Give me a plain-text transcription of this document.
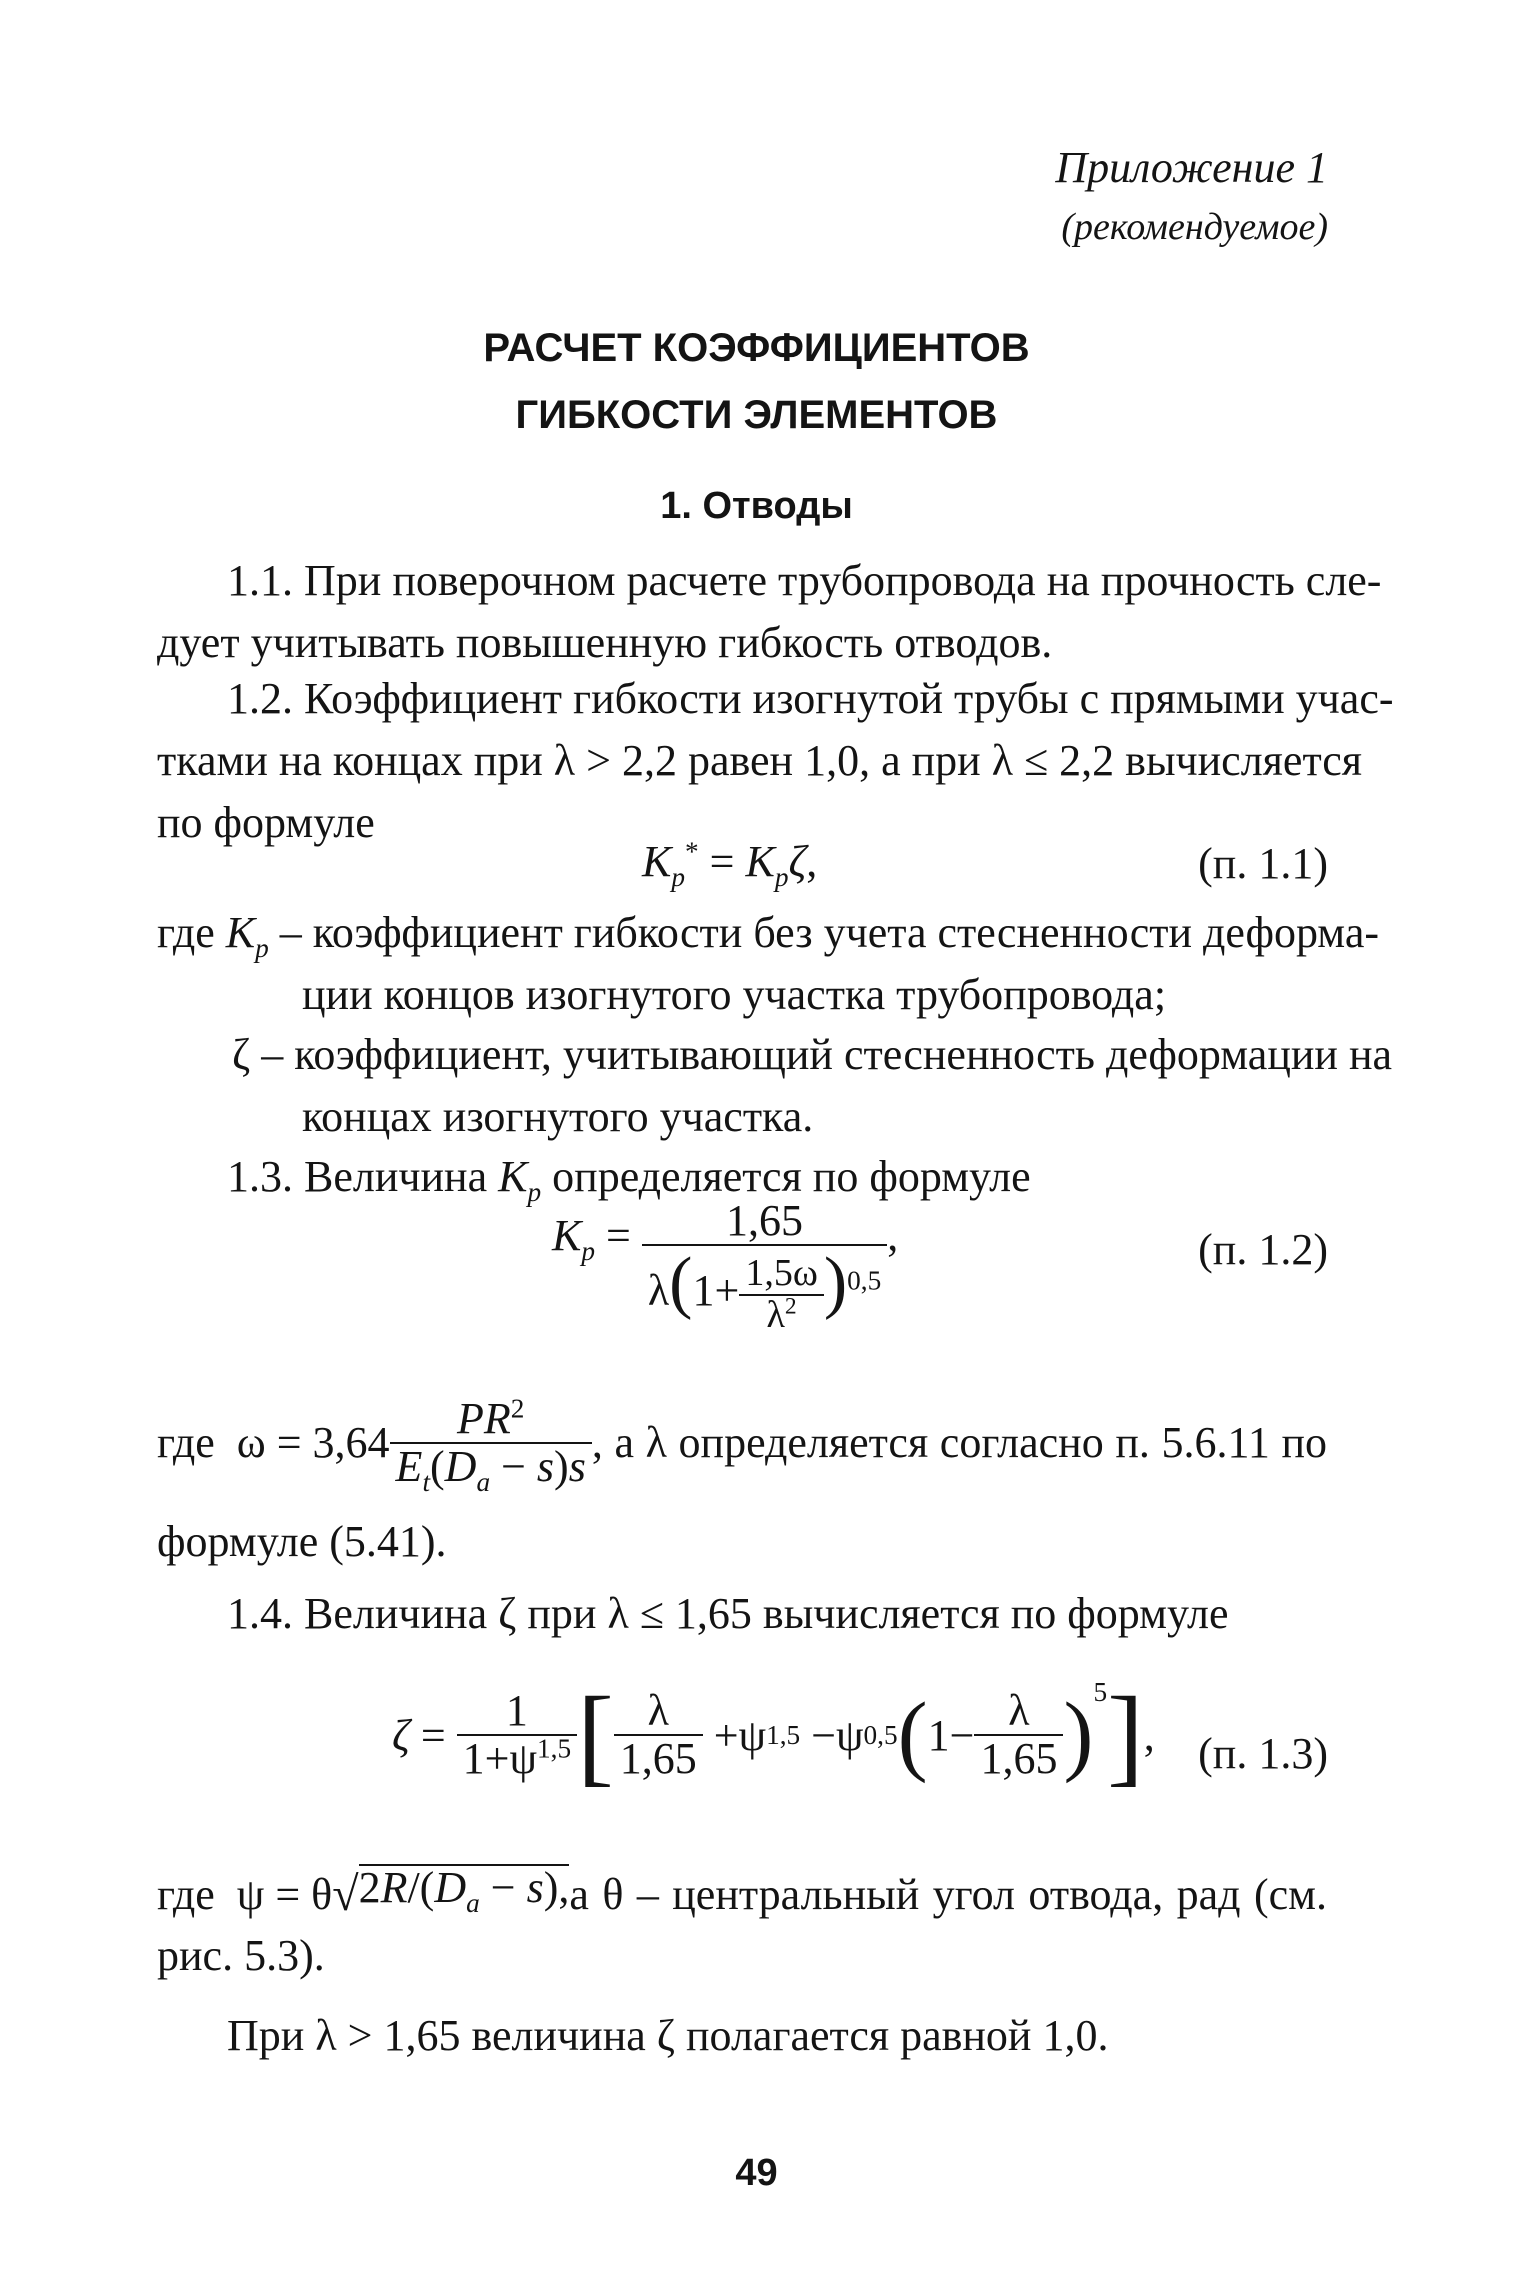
Приложение 1
(рекомендуемое)
РАСЧЕТ КОЭФФИЦИЕНТОВ
ГИБКОСТИ ЭЛЕМЕНТОВ
1. Отводы
1.1. При поверочном расчете трубопровода на прочность сле-
дует учитывать повышенную гибкость отводов.
1.2. Коэффициент гибкости изогнутой трубы с прямыми учас-
тками на концах при λ > 2,2 равен 1,0, а при λ ≤ 2,2 вычисляется
по формуле
$K_p^* = K_p\zeta$,	(п. 1.1)
где $K_p$ – коэффициент гибкости без учета стесненности деформа-
ции концов изогнутого участка трубопровода;
ζ – коэффициент, учитывающий стесненность деформации на
концах изогнутого участка.
1.3. Величина $K_p$ определяется по формуле
$K_p = \frac{1,65}{\lambda(1+ \frac{1,5\omega}{\lambda^2} )^{0,5}}$ ,	(п. 1.2)
где  $\omega = 3,64 \frac{PR^2}{E_t(D_a - s)s}$ , а λ определяется согласно п. 5.6.11 по
формуле (5.41).
1.4. Величина ζ при λ ≤ 1,65 вычисляется по формуле
$\zeta = \frac{1}{1+\psi^{1,5}}$ [ $\frac{\lambda}{1,65} +\psi$ 1,5 −ψ 0,5 ( $1- \frac{\lambda}{1,65}$ ) 5 ] , (п. 1.3)
где  ψ = θ √ $2R/(D_a - s)$, а θ – центральный угол отвода, рад (см.
рис. 5.3).
При λ > 1,65 величина ζ полагается равной 1,0.
49
